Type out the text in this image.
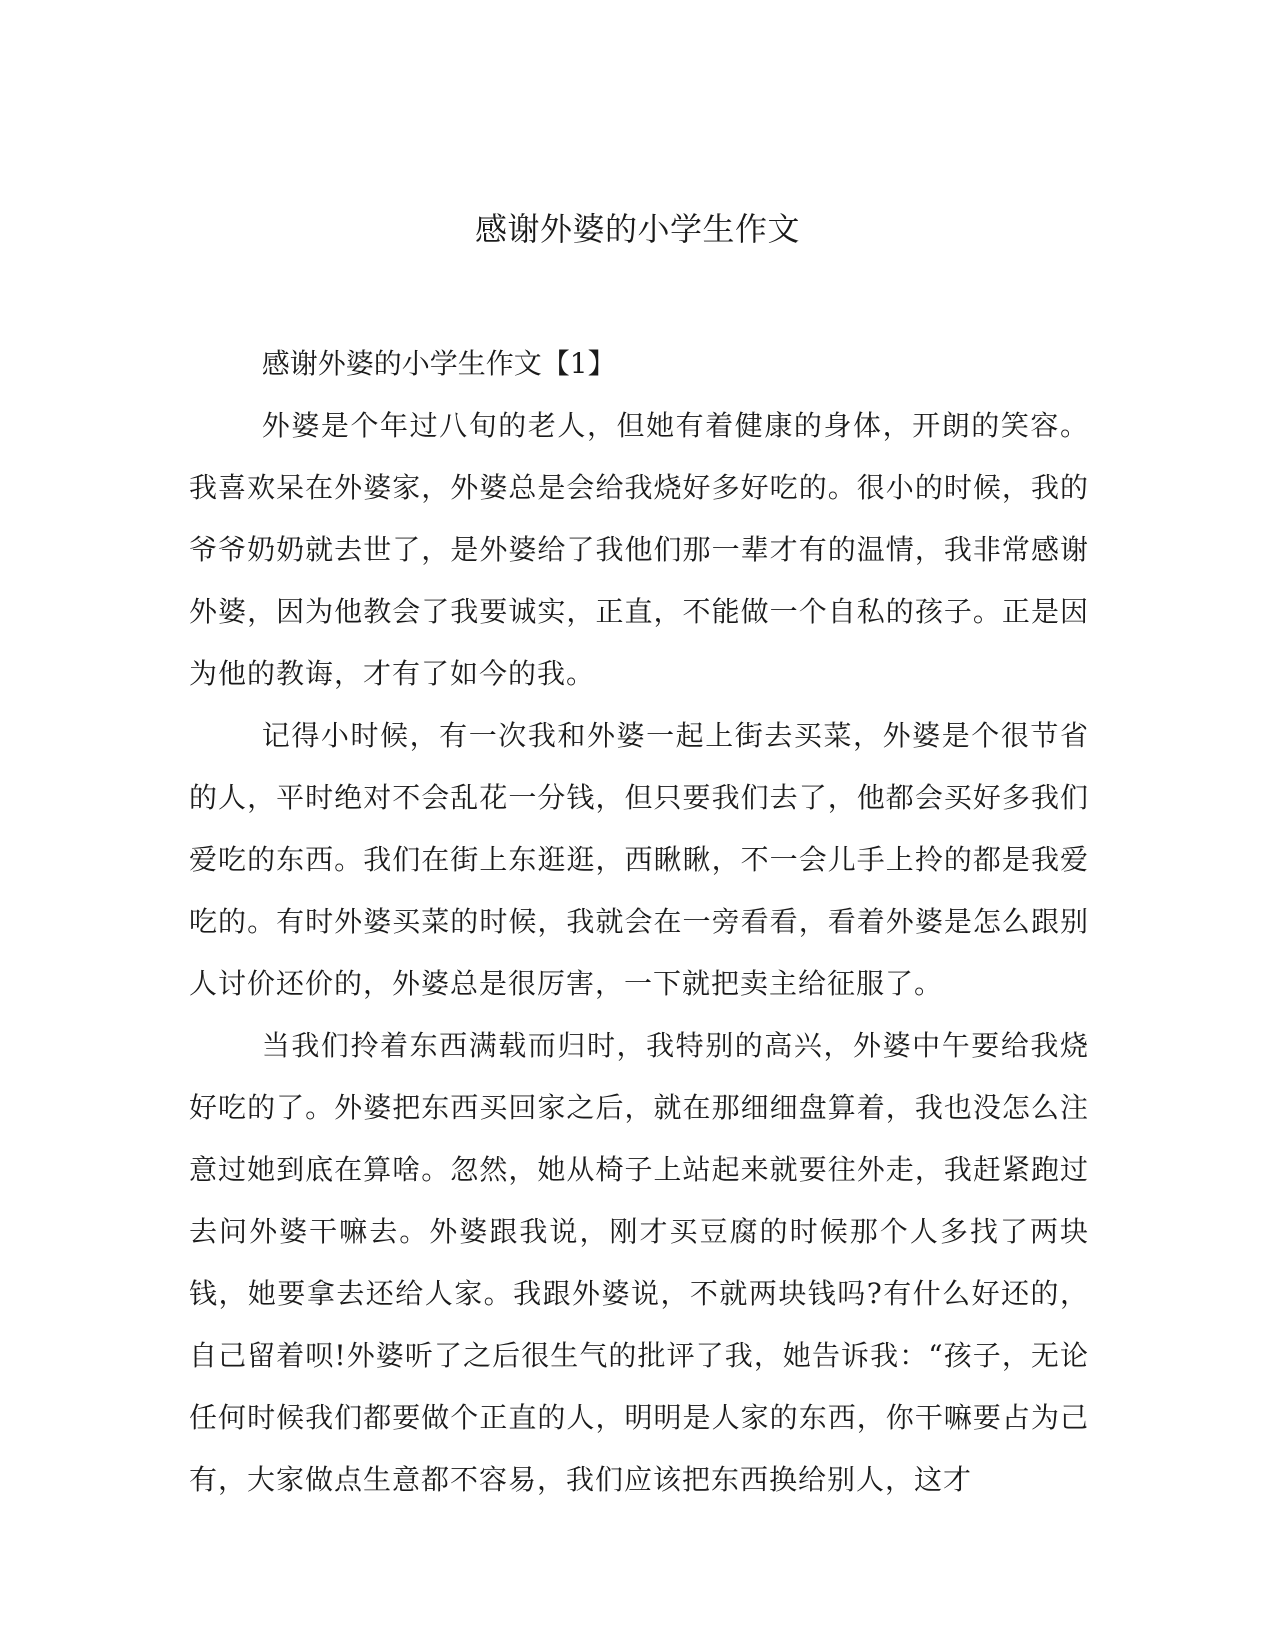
感谢外婆的小学生作文

感谢外婆的小学生作文【1】

外婆是个年过八旬的老人，但她有着健康的身体，开朗的笑容。我喜欢呆在外婆家，外婆总是会给我烧好多好吃的。很小的时候，我的爷爷奶奶就去世了，是外婆给了我他们那一辈才有的温情，我非常感谢外婆，因为他教会了我要诚实，正直，不能做一个自私的孩子。正是因为他的教诲，才有了如今的我。

记得小时候，有一次我和外婆一起上街去买菜，外婆是个很节省的人，平时绝对不会乱花一分钱，但只要我们去了，他都会买好多我们爱吃的东西。我们在街上东逛逛，西瞅瞅，不一会儿手上拎的都是我爱吃的。有时外婆买菜的时候，我就会在一旁看看，看着外婆是怎么跟别人讨价还价的，外婆总是很厉害，一下就把卖主给征服了。

当我们拎着东西满载而归时，我特别的高兴，外婆中午要给我烧好吃的了。外婆把东西买回家之后，就在那细细盘算着，我也没怎么注意过她到底在算啥。忽然，她从椅子上站起来就要往外走，我赶紧跑过去问外婆干嘛去。外婆跟我说，刚才买豆腐的时候那个人多找了两块钱，她要拿去还给人家。我跟外婆说，不就两块钱吗?有什么好还的，自己留着呗!外婆听了之后很生气的批评了我，她告诉我：“孩子，无论任何时候我们都要做个正直的人，明明是人家的东西，你干嘛要占为己有，大家做点生意都不容易，我们应该把东西换给别人，这才
